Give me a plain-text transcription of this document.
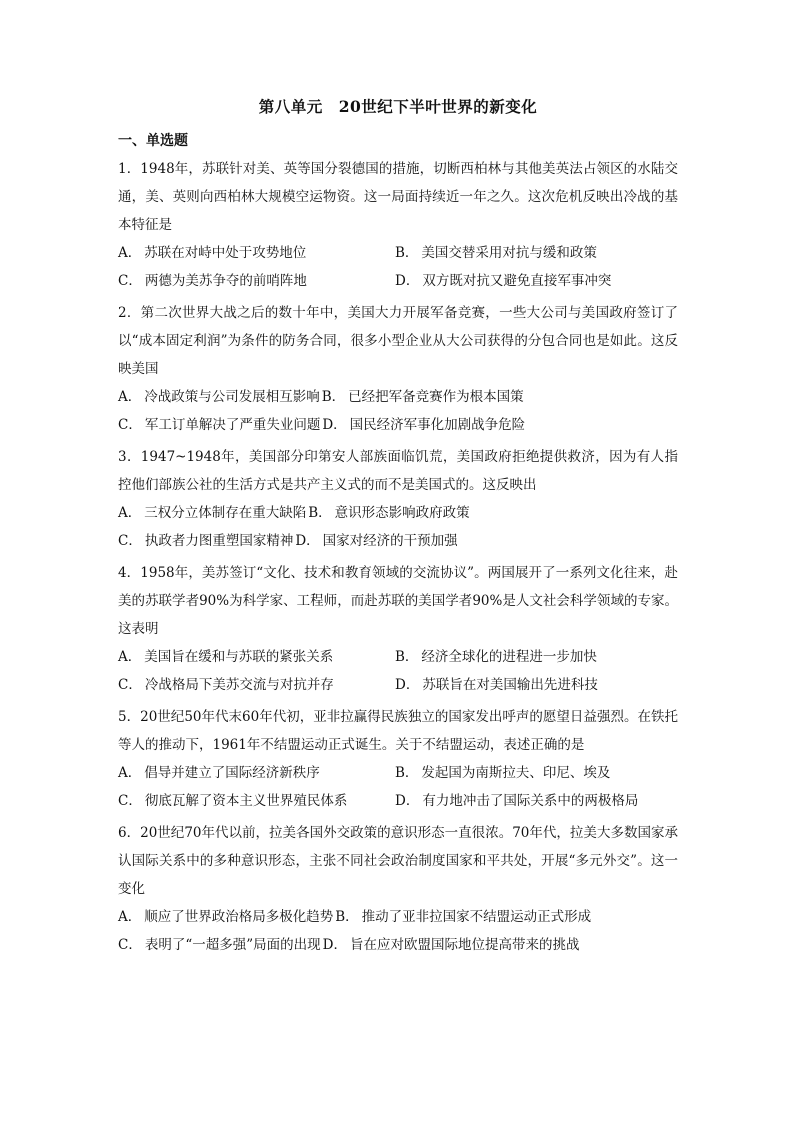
第八单元　20世纪下半叶世界的新变化
一、单选题
1．1948年，苏联针对美、英等国分裂德国的措施，切断西柏林与其他美英法占领区的水陆交通，美、英则向西柏林大规模空运物资。这一局面持续近一年之久。这次危机反映出冷战的基本特征是
A． 苏联在对峙中处于攻势地位	B． 美国交替采用对抗与缓和政策
C． 两德为美苏争夺的前哨阵地	D． 双方既对抗又避免直接军事冲突
2．第二次世界大战之后的数十年中，美国大力开展军备竞赛，一些大公司与美国政府签订了以“成本固定利润”为条件的防务合同，很多小型企业从大公司获得的分包合同也是如此。这反映美国
A． 冷战政策与公司发展相互影响 B． 已经把军备竞赛作为根本国策
C． 军工订单解决了严重失业问题 D． 国民经济军事化加剧战争危险
3．1947~1948年，美国部分印第安人部族面临饥荒，美国政府拒绝提供救济，因为有人指控他们部族公社的生活方式是共产主义式的而不是美国式的。这反映出
A． 三权分立体制存在重大缺陷 B． 意识形态影响政府政策
C． 执政者力图重塑国家精神 D． 国家对经济的干预加强
4．1958年，美苏签订“文化、技术和教育领域的交流协议”。两国展开了一系列文化往来，赴美的苏联学者90%为科学家、工程师，而赴苏联的美国学者90%是人文社会科学领域的专家。这表明
A． 美国旨在缓和与苏联的紧张关系	B． 经济全球化的进程进一步加快
C． 冷战格局下美苏交流与对抗并存	D． 苏联旨在对美国输出先进科技
5．20世纪50年代末60年代初，亚非拉赢得民族独立的国家发出呼声的愿望日益强烈。在铁托等人的推动下，1961年不结盟运动正式诞生。关于不结盟运动，表述正确的是
A． 倡导并建立了国际经济新秩序	B． 发起国为南斯拉夫、印尼、埃及
C． 彻底瓦解了资本主义世界殖民体系	D． 有力地冲击了国际关系中的两极格局
6．20世纪70年代以前，拉美各国外交政策的意识形态一直很浓。70年代，拉美大多数国家承认国际关系中的多种意识形态，主张不同社会政治制度国家和平共处，开展“多元外交”。这一变化
A． 顺应了世界政治格局多极化趋势 B． 推动了亚非拉国家不结盟运动正式形成
C． 表明了“一超多强”局面的出现 D． 旨在应对欧盟国际地位提高带来的挑战
